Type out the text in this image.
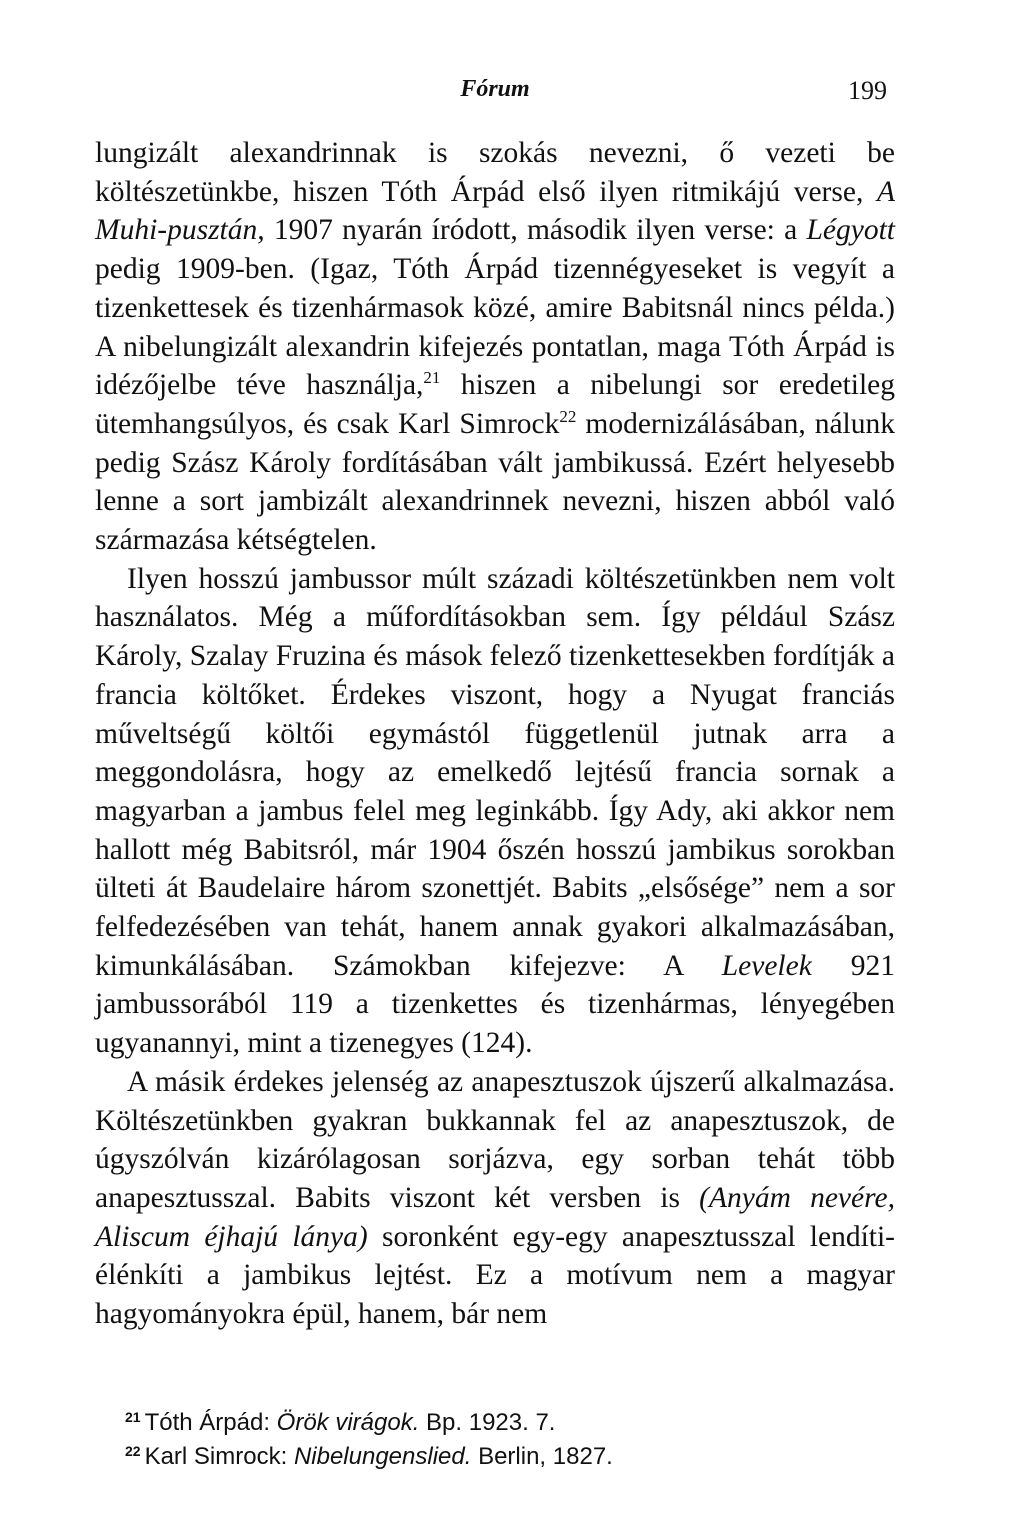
Fórum	199

lungizált alexandrinnak is szokás nevezni, ő vezeti be költészetünkbe, hiszen Tóth Árpád első ilyen ritmikájú verse, A Muhi-pusztán, 1907 nyarán íródott, második ilyen verse: a Légyott pedig 1909-ben. (Igaz, Tóth Árpád tizennégyeseket is vegyít a tizenkettesek és tizenhármasok közé, amire Babitsnál nincs példa.) A nibelungizált alexandrin kifejezés pontatlan, maga Tóth Árpád is idézőjelbe téve használja,$^{21}$ hiszen a nibelungi sor eredetileg ütemhangsúlyos, és csak Karl Simrock$^{22}$ modernizálásában, nálunk pedig Szász Károly fordításában vált jambikussá. Ezért helyesebb lenne a sort jambizált alexandrinnek nevezni, hiszen abból való származása kétségtelen.

Ilyen hosszú jambussor múlt századi költészetünkben nem volt használatos. Még a műfordításokban sem. Így például Szász Károly, Szalay Fruzina és mások felező tizenkettesekben fordítják a francia költőket. Érdekes viszont, hogy a Nyugat franciás műveltségű költői egymástól függetlenül jutnak arra a meggondolásra, hogy az emelkedő lejtésű francia sornak a magyarban a jambus felel meg leginkább. Így Ady, aki akkor nem hallott még Babitsról, már 1904 őszén hosszú jambikus sorokban ülteti át Baudelaire három szonettjét. Babits „elsősége” nem a sor felfedezésében van tehát, hanem annak gyakori alkalmazásában, kimunkálásában. Számokban kifejezve: A Levelek 921 jambussorából 119 a tizenkettes és tizenhármas, lényegében ugyanannyi, mint a tizenegyes (124).

A másik érdekes jelenség az anapesztuszok újszerű alkalmazása. Költészetünkben gyakran bukkannak fel az anapesztuszok, de úgyszólván kizárólagosan sorjázva, egy sorban tehát több anapesztusszal. Babits viszont két versben is (Anyám nevére, Aliscum éjhajú lánya) soronként egy-egy anapesztusszal lendíti-élénkíti a jambikus lejtést. Ez a motívum nem a magyar hagyományokra épül, hanem, bár nem

$^{21}$ Tóth Árpád: Örök virágok. Bp. 1923. 7.
$^{22}$ Karl Simrock: Nibelungenslied. Berlin, 1827.
